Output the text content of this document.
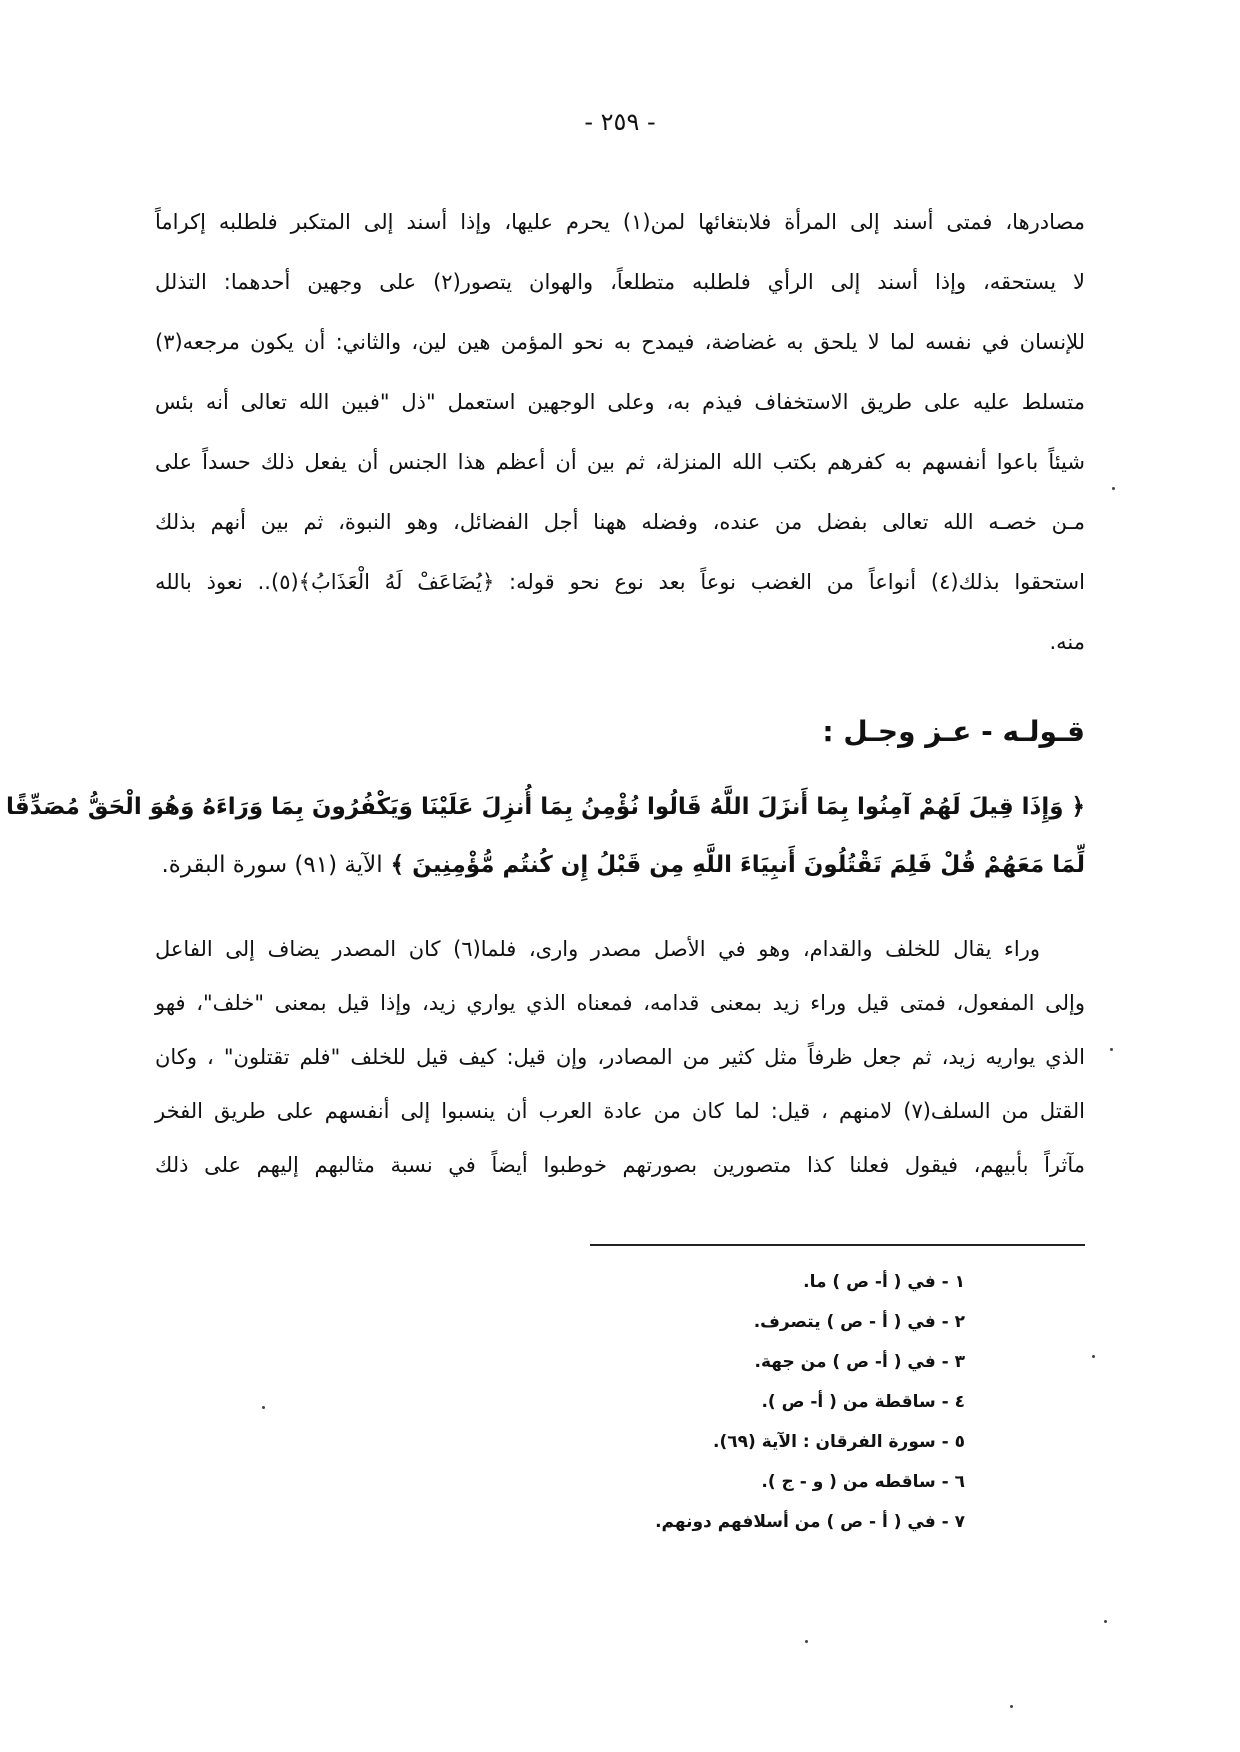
- ٢٥٩ -
مصادرها، فمتى أسند إلى المرأة فلابتغائها لمن(١) يحرم عليها، وإذا أسند إلى المتكبر فلطلبه إكراماً
لا يستحقه، وإذا أسند إلى الرأي فلطلبه متطلعاً، والهوان يتصور(٢) على وجهين أحدهما: التذلل
للإنسان في نفسه لما لا يلحق به غضاضة، فيمدح به نحو المؤمن هين لين، والثاني: أن يكون مرجعه(٣)
متسلط عليه على طريق الاستخفاف فيذم به، وعلى الوجهين استعمل "ذل "فبين الله تعالى أنه بئس
شيئاً باعوا أنفسهم به كفرهم بكتب الله المنزلة، ثم بين أن أعظم هذا الجنس أن يفعل ذلك حسداً على
مـن خصـه الله تعالى بفضل من عنده، وفضله ههنا أجل الفضائل، وهو النبوة، ثم بين أنهم بذلك
استحقوا بذلك(٤) أنواعاً من الغضب نوعاً بعد نوع نحو قوله: ﴿يُضَاعَفْ لَهُ الْعَذَابُ﴾(٥).. نعوذ بالله
منه.
قـولـه - عـز وجـل :
﴿ وَإِذَا قِيلَ لَهُمْ آمِنُوا بِمَا أَنزَلَ اللَّهُ قَالُوا نُؤْمِنُ بِمَا أُنزِلَ عَلَيْنَا وَيَكْفُرُونَ بِمَا وَرَاءَهُ وَهُوَ الْحَقُّ مُصَدِّقًا
لِّمَا مَعَهُمْ قُلْ فَلِمَ تَقْتُلُونَ أَنبِيَاءَ اللَّهِ مِن قَبْلُ إِن كُنتُم مُّؤْمِنِينَ ﴾ الآية (٩١) سورة البقرة.
وراء يقال للخلف والقدام، وهو في الأصل مصدر وارى، فلما(٦) كان المصدر يضاف إلى الفاعل
وإلى المفعول، فمتى قيل وراء زيد بمعنى قدامه، فمعناه الذي يواري زيد، وإذا قيل بمعنى "خلف"، فهو
الذي يواريه زيد، ثم جعل ظرفاً مثل كثير من المصادر، وإن قيل: كيف قيل للخلف "فلم تقتلون" ، وكان
القتل من السلف(٧) لامنهم ، قيل: لما كان من عادة العرب أن ينسبوا إلى أنفسهم على طريق الفخر
مآثراً بأبيهم، فيقول فعلنا كذا متصورين بصورتهم خوطبوا أيضاً في نسبة مثالبهم إليهم على ذلك
١ - في ( أ- ص ) ما.
٢ - في ( أ - ص ) يتصرف.
٣ - في ( أ- ص ) من جهة.
٤ - ساقطة من ( أ- ص ).
٥ - سورة الفرقان : الآية (٦٩).
٦ - ساقطه من ( و - ج ).
٧ - في ( أ - ص ) من أسلافهم دونهم.
